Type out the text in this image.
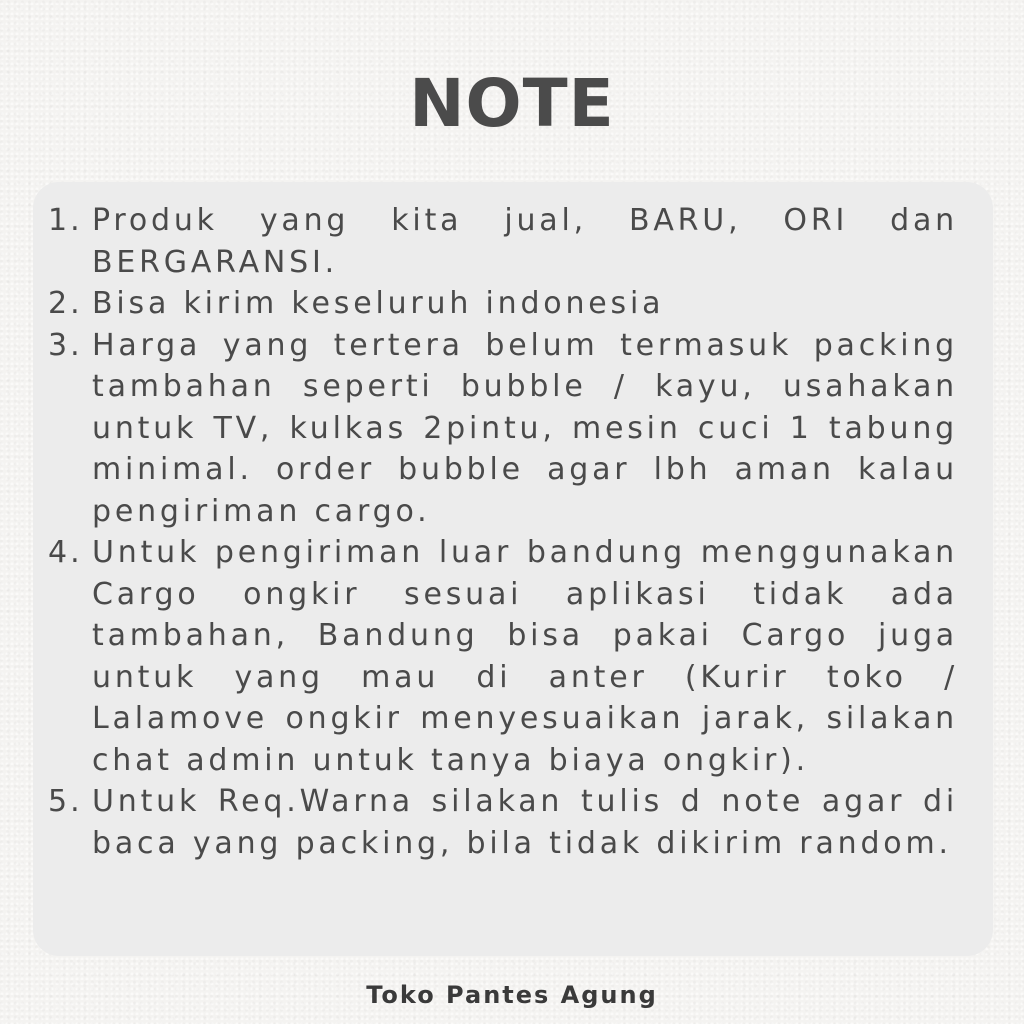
NOTE
1. Produk yang kita jual, BARU, ORI dan BERGARANSI.
2. Bisa kirim keseluruh indonesia
3. Harga yang tertera belum termasuk packing tambahan seperti bubble / kayu, usahakan untuk TV, kulkas 2pintu, mesin cuci 1 tabung minimal. order bubble agar lbh aman kalau pengiriman cargo.
4. Untuk pengiriman luar bandung menggunakan Cargo ongkir sesuai aplikasi tidak ada tambahan, Bandung bisa pakai Cargo juga untuk yang mau di anter (Kurir toko / Lalamove ongkir menyesuaikan jarak, silakan chat admin untuk tanya biaya ongkir).
5. Untuk Req.Warna silakan tulis d note agar di baca yang packing, bila tidak dikirim random.
Toko Pantes Agung
